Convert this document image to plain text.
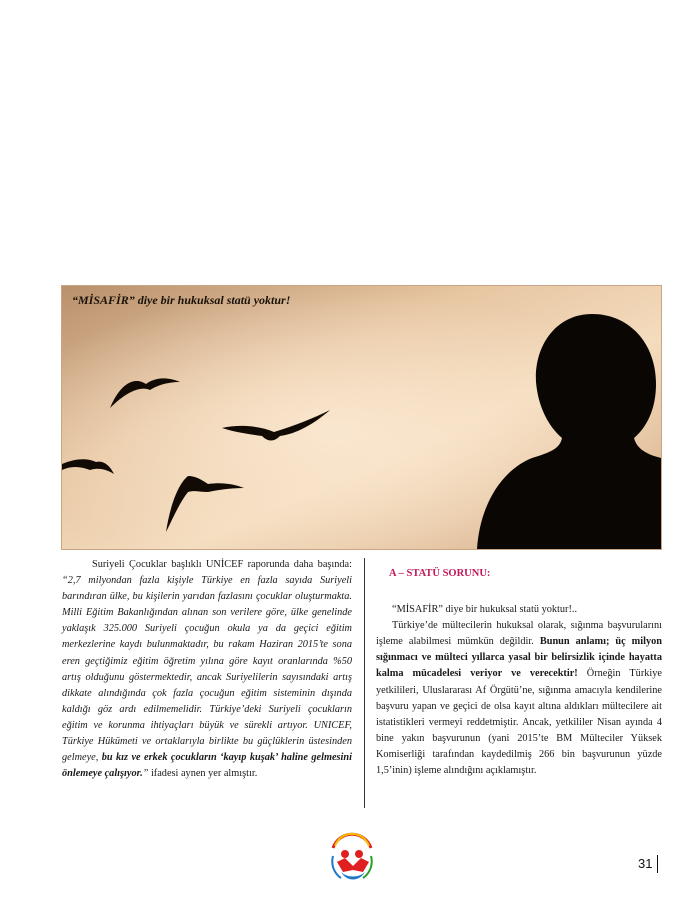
“MİSAFİR” diye bir hukuksal statü yoktur!

Suriyeli Çocuklar başlıklı UNİCEF raporunda daha başında: “2,7 milyondan fazla kişiyle Türkiye en fazla sayıda Suriyeli barındıran ülke, bu kişilerin yarıdan fazlasını çocuklar oluşturmakta. Milli Eğitim Bakanlığından alınan son verilere göre, ülke genelinde yaklaşık 325.000 Suriyeli çocuğun okula ya da geçici eğitim merkezlerine kaydı bulunmaktadır, bu rakam Haziran 2015’te sona eren geçtiğimiz eğitim öğretim yılına göre kayıt oranlarında %50 artış olduğunu göstermektedir, ancak Suriyelilerin sayısındaki artış dikkate alındığında çok fazla çocuğun eğitim sisteminin dışında kaldığı göz ardı edilmemelidir. Türkiye’deki Suriyeli çocukların eğitim ve korunma ihtiyaçları büyük ve sürekli artıyor. UNICEF, Türkiye Hükümeti ve ortaklarıyla birlikte bu güçlüklerin üstesinden gelmeye, bu kız ve erkek çocukların ‘kayıp kuşak’ haline gelmesini önlemeye çalışıyor.” ifadesi aynen yer almıştır.

A – STATÜ SORUNU:

“MİSAFİR” diye bir hukuksal statü yoktur!..

Türkiye’de mültecilerin hukuksal olarak, sığınma başvurularını işleme alabilmesi mümkün değildir. Bunun anlamı; üç milyon sığınmacı ve mülteci yıllarca yasal bir belirsizlik içinde hayatta kalma mücadelesi veriyor ve verecektir! Örneğin Türkiye yetkilileri, Uluslararası Af Örgütü’ne, sığınma amacıyla kendilerine başvuru yapan ve geçici de olsa kayıt altına aldıkları mültecilere ait istatistikleri vermeyi reddetmiştir. Ancak, yetkililer Nisan ayında 4 bine yakın başvurunun (yani 2015’te BM Mülteciler Yüksek Komiserliği tarafından kaydedilmiş 266 bin başvurunun yüzde 1,5’inin) işleme alındığını açıklamıştır.

31
